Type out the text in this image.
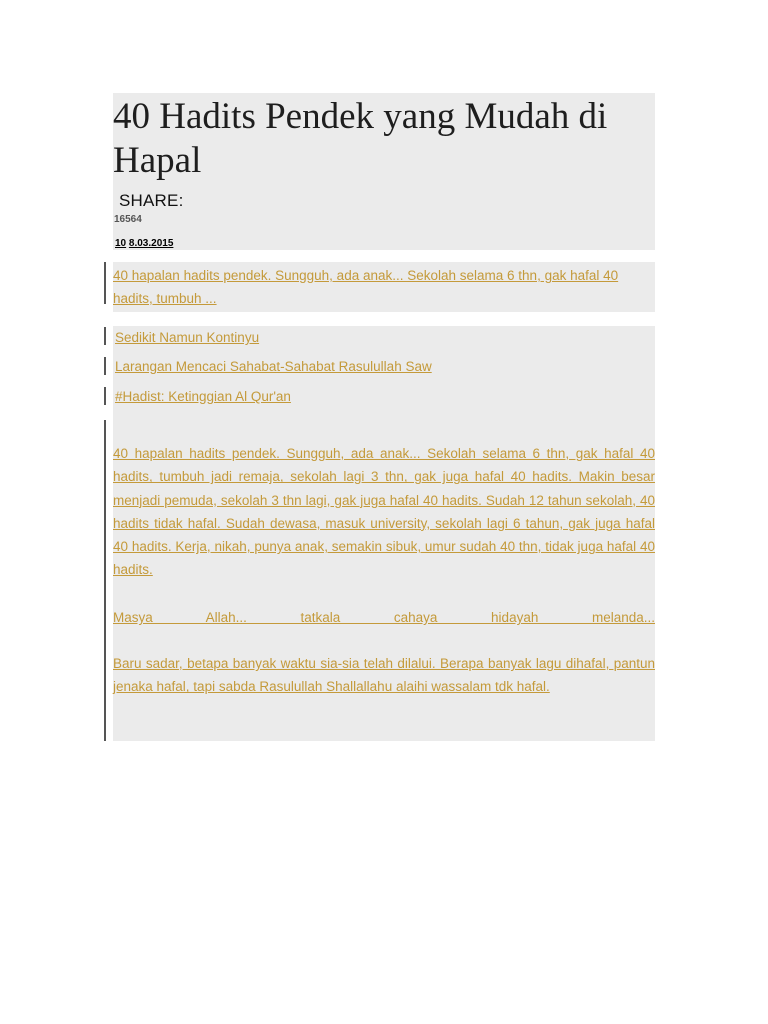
40 Hadits Pendek yang Mudah di Hapal
SHARE:
16564
10 8.03.2015
40 hapalan hadits pendek. Sungguh, ada anak... Sekolah selama 6 thn, gak hafal 40 hadits, tumbuh ...
Sedikit Namun Kontinyu
Larangan Mencaci Sahabat-Sahabat Rasulullah Saw
#Hadist: Ketinggian Al Qur'an
40 hapalan hadits pendek. Sungguh, ada anak... Sekolah selama 6 thn, gak hafal 40 hadits, tumbuh jadi remaja, sekolah lagi 3 thn, gak juga hafal 40 hadits. Makin besar menjadi pemuda, sekolah 3 thn lagi, gak juga hafal 40 hadits. Sudah 12 tahun sekolah, 40 hadits tidak hafal. Sudah dewasa, masuk university, sekolah lagi 6 tahun, gak juga hafal 40 hadits. Kerja, nikah, punya anak, semakin sibuk, umur sudah 40 thn, tidak juga hafal 40 hadits.
Masya Allah... tatkala cahaya hidayah melanda...
Baru sadar, betapa banyak waktu sia-sia telah dilalui. Berapa banyak lagu dihafal, pantun jenaka hafal, tapi sabda Rasulullah Shallallahu alaihi wassalam tdk hafal.
